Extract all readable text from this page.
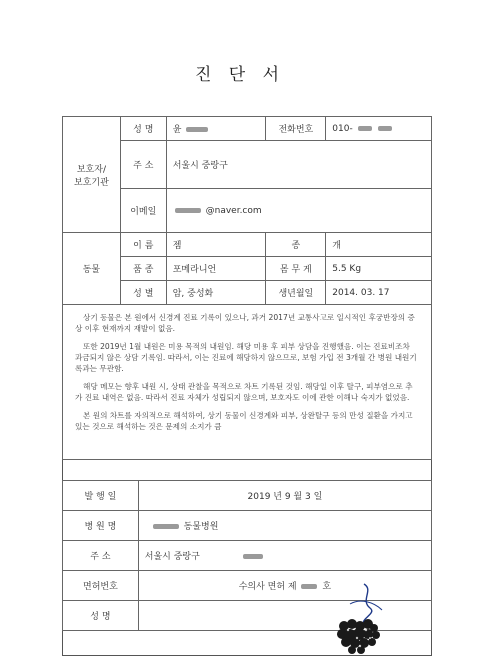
진 단 서
보호자/
보호기관	성 명	윤	전화번호	010-
	주 소	서울시 중랑구		
	이메일	@naver.com		
동물	이 름	젬	종	개
	품 종	포메라니언	몸 무 게	5.5 Kg
	성 별	암, 중성화	생년월일	2014. 03. 17

상기 동물은 본 원에서 신경계 진료 기록이 있으나, 과거 2017년 교통사고로 일시적인 후궁반장의 증상 이후 현재까지 재발이 없음.

또한 2019년 1월 내원은 미용 목적의 내원임. 해당 미용 후 피부 상담을 진행했음. 이는 진료비조차 과금되지 않은 상담 기록임. 따라서, 이는 진료에 해당하지 않으므로, 보험 가입 전 3개월 간 병원 내원기록과는 무관함.

해당 메모는 향후 내원 시, 상태 관찰을 목적으로 차트 기록된 것임. 해당일 이후 탈구, 피부염으로 추가 진료 내역은 없음. 따라서 진료 자체가 성립되지 않으며, 보호자도 이에 관한 이해나 숙지가 없었음.

본 원의 차트를 자의적으로 해석하여, 상기 동물이 신경계와 피부, 상완탈구 등의 만성 질환을 가지고 있는 것으로 해석하는 것은 문제의 소지가 큼

발 행 일	2019 년 9 월 3 일
병 원 명	동물병원
주 소	서울시 중랑구
면허번호	수의사 면허 제 호
성 명	
